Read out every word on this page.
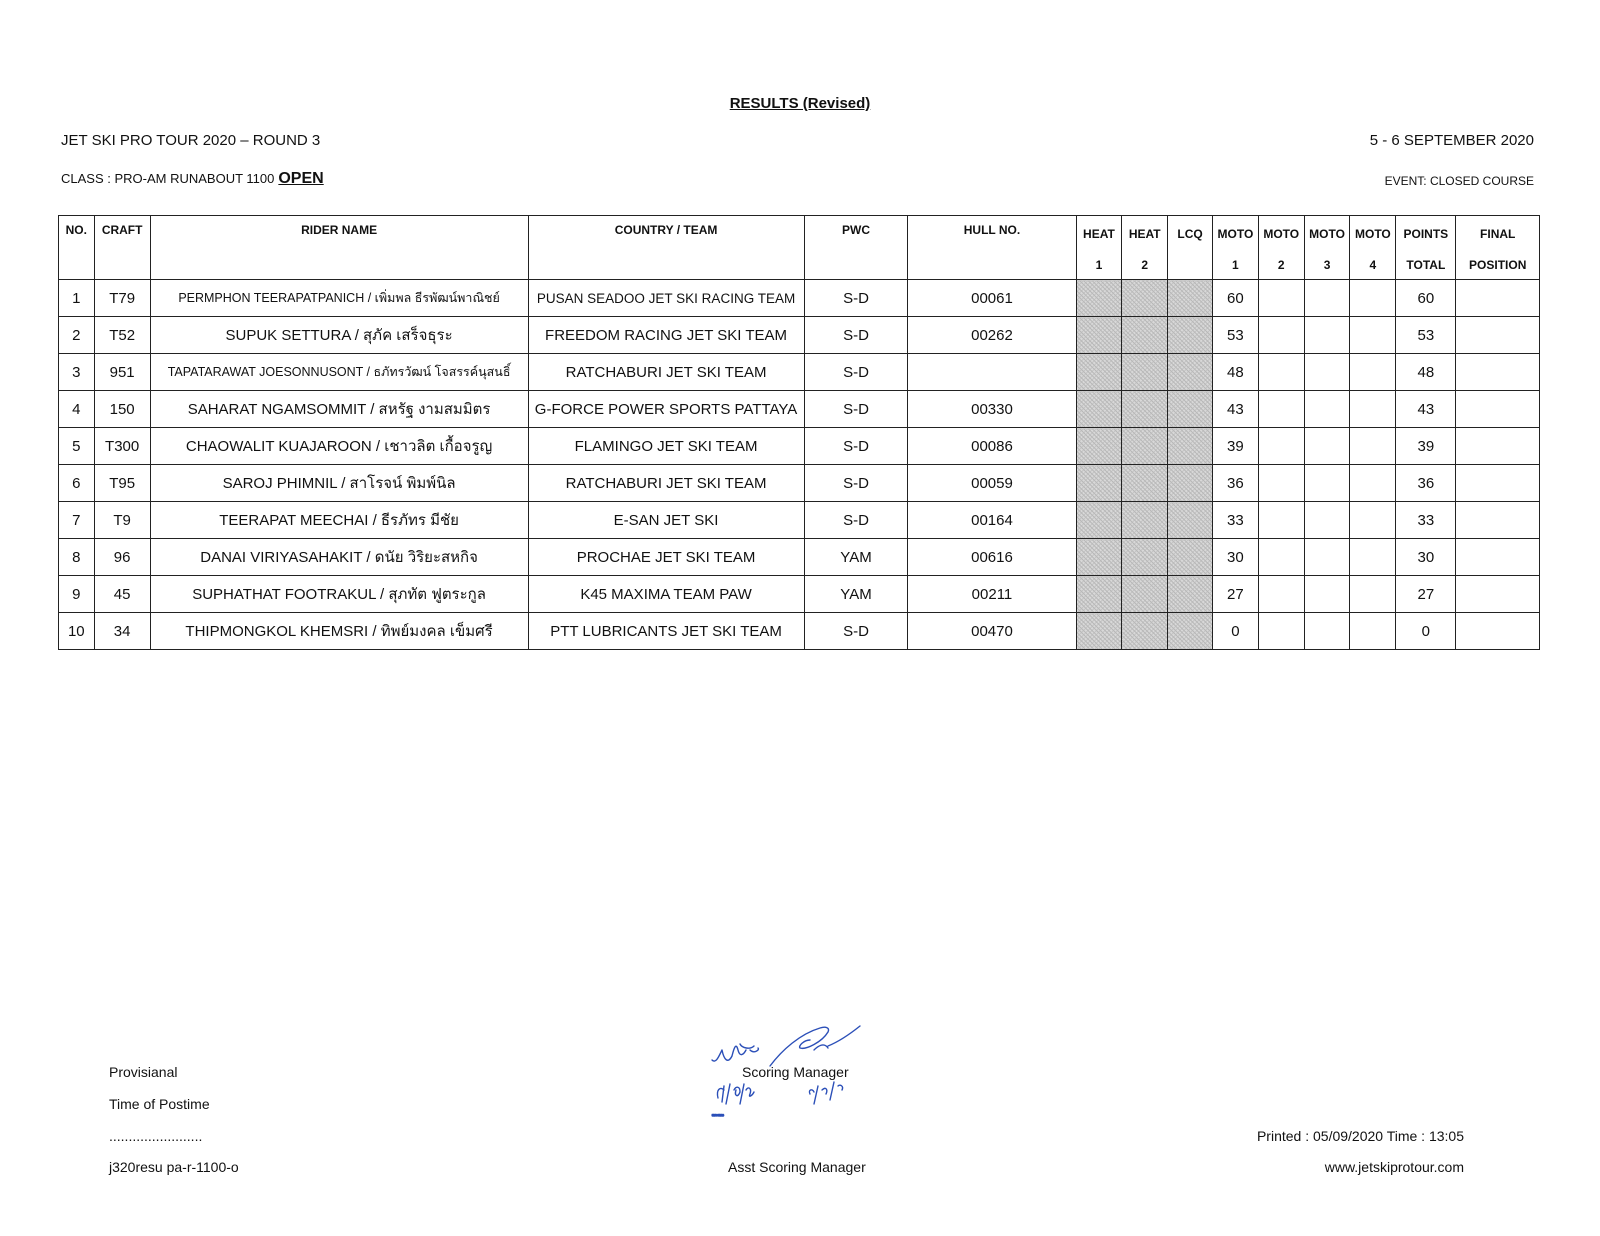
RESULTS (Revised)
JET SKI PRO TOUR 2020 – ROUND 3	5 - 6 SEPTEMBER 2020
CLASS : PRO-AM RUNABOUT 1100 OPEN	EVENT: CLOSED COURSE
NO.	CRAFT	RIDER NAME	COUNTRY / TEAM	PWC	HULL NO.	HEAT	HEAT	LCQ	MOTO	MOTO	MOTO	MOTO	POINTS	FINAL
						1	2		1	2	3	4	TOTAL	POSITION
1	T79	PERMPHON TEERAPATPANICH / เพิ่มพล ธีรพัฒน์พาณิชย์	PUSAN SEADOO JET SKI RACING TEAM	S-D	00061				60				60	
2	T52	SUPUK SETTURA / สุภัค เสร็จธุระ	FREEDOM RACING JET SKI TEAM	S-D	00262				53				53	
3	951	TAPATARAWAT JOESONNUSONT / ธภัทรวัฒน์ โจสรรค์นุสนธิ์	RATCHABURI JET SKI TEAM	S-D					48				48	
4	150	SAHARAT NGAMSOMMIT / สหรัฐ งามสมมิตร	G-FORCE POWER SPORTS PATTAYA	S-D	00330				43				43	
5	T300	CHAOWALIT KUAJAROON / เชาวลิต เกื้อจรูญ	FLAMINGO JET SKI TEAM	S-D	00086				39				39	
6	T95	SAROJ PHIMNIL / สาโรจน์ พิมพ์นิล	RATCHABURI JET SKI TEAM	S-D	00059				36				36	
7	T9	TEERAPAT MEECHAI / ธีรภัทร มีชัย	E-SAN JET SKI	S-D	00164				33				33	
8	96	DANAI VIRIYASAHAKIT / ดนัย วิริยะสหกิจ	PROCHAE JET SKI TEAM	YAM	00616				30				30	
9	45	SUPHATHAT FOOTRAKUL / สุภทัต ฟูตระกูล	K45 MAXIMA TEAM PAW	YAM	00211				27				27	
10	34	THIPMONGKOL KHEMSRI / ทิพย์มงคล เข็มศรี	PTT LUBRICANTS JET SKI TEAM	S-D	00470				0				0	
Provisianal
Time of Postime
........................
j320resu pa-r-1100-o
5/9/63 5/9/20
Scoring Manager
Asst Scoring Manager
Printed : 05/09/2020 Time : 13:05
www.jetskiprotour.com
